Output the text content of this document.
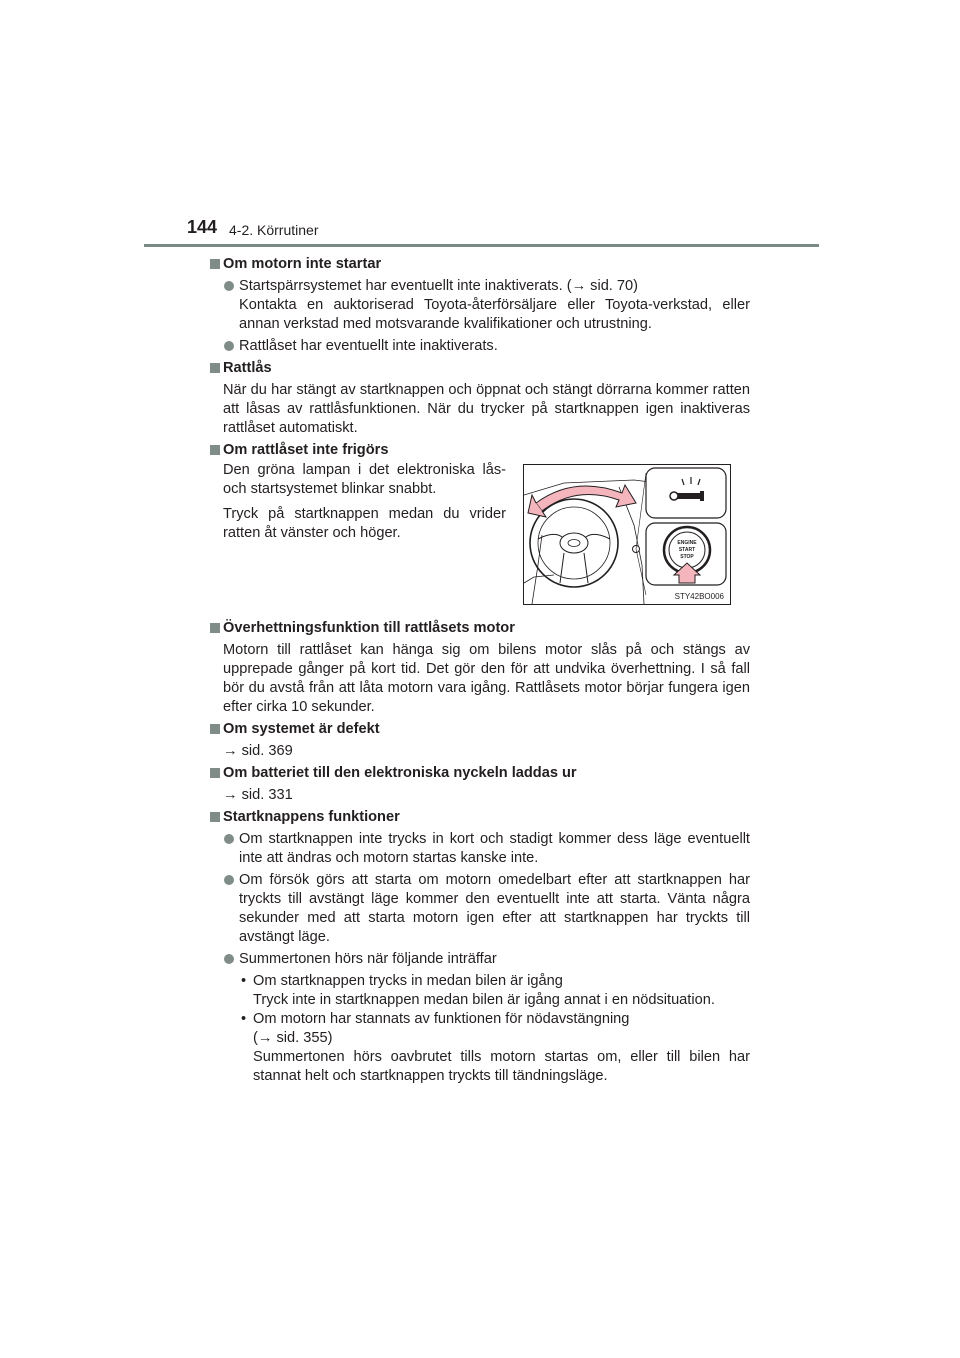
144 4-2. Körrutiner
Om motorn inte startar
Startspärrsystemet har eventuellt inte inaktiverats. (→ sid. 70)
Kontakta en auktoriserad Toyota-återförsäljare eller Toyota-verkstad, eller annan verkstad med motsvarande kvalifikationer och utrustning.
Rattlåset har eventuellt inte inaktiverats.
Rattlås
När du har stängt av startknappen och öppnat och stängt dörrarna kommer ratten att låsas av rattlåsfunktionen. När du trycker på startknappen igen inaktiveras rattlåset automatiskt.
Om rattlåset inte frigörs

Den gröna lampan i det elektroniska lås- och startsystemet blinkar snabbt.

Tryck på startknappen medan du vrider ratten åt vänster och höger.

ENGINE
START
STOP
STY42BO006
Överhettningsfunktion till rattlåsets motor
Motorn till rattlåset kan hänga sig om bilens motor slås på och stängs av upprepade gånger på kort tid. Det gör den för att undvika överhettning. I så fall bör du avstå från att låta motorn vara igång. Rattlåsets motor börjar fungera igen efter cirka 10 sekunder.
Om systemet är defekt
→ sid. 369
Om batteriet till den elektroniska nyckeln laddas ur
→ sid. 331
Startknappens funktioner
Om startknappen inte trycks in kort och stadigt kommer dess läge eventuellt inte att ändras och motorn startas kanske inte.
Om försök görs att starta om motorn omedelbart efter att startknappen har tryckts till avstängt läge kommer den eventuellt inte att starta. Vänta några sekunder med att starta motorn igen efter att startknappen har tryckts till avstängt läge.
Summertonen hörs när följande inträffar
• Om startknappen trycks in medan bilen är igång
Tryck inte in startknappen medan bilen är igång annat i en nödsituation.
• Om motorn har stannats av funktionen för nödavstängning
(→ sid. 355)
Summertonen hörs oavbrutet tills motorn startas om, eller till bilen har stannat helt och startknappen tryckts till tändningsläge.
